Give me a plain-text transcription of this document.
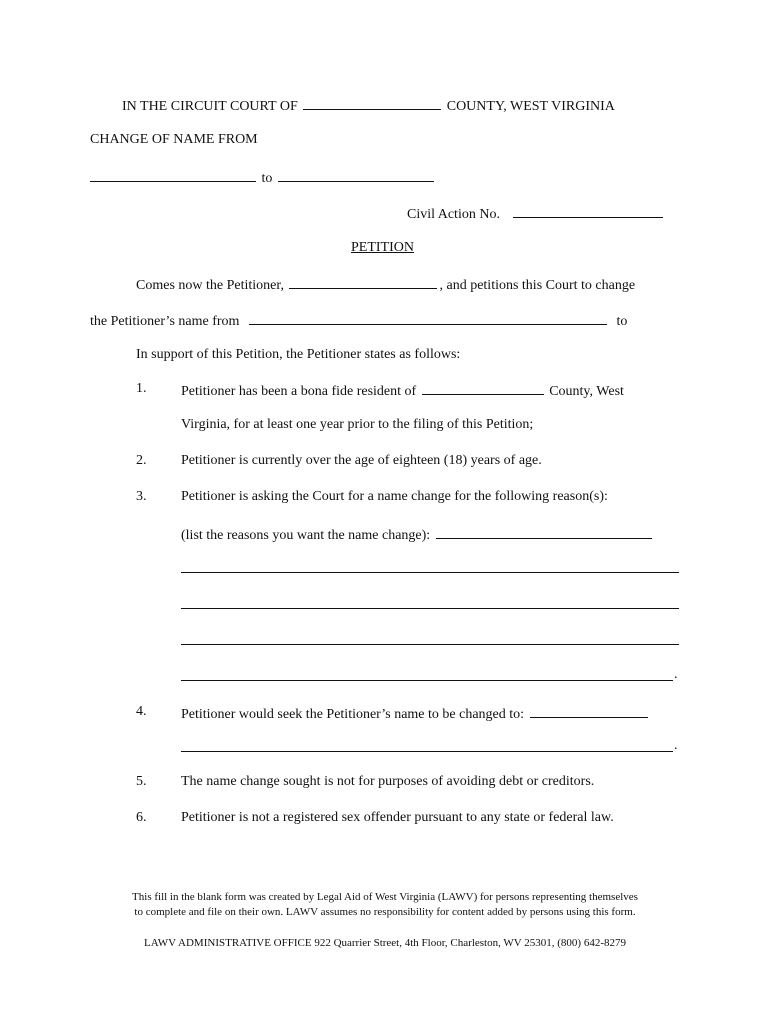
IN THE CIRCUIT COURT OF	COUNTY, WEST VIRGINIA
CHANGE OF NAME FROM
to
Civil Action No.
PETITION
Comes now the Petitioner,	, and petitions this Court to change
the Petitioner’s name from	to
In support of this Petition, the Petitioner states as follows:
1.	Petitioner has been a bona fide resident of	County, West
Virginia, for at least one year prior to the filing of this Petition;
2.	Petitioner is currently over the age of eighteen (18) years of age.
3.	Petitioner is asking the Court for a name change for the following reason(s):
(list the reasons you want the name change):
.
4.	Petitioner would seek the Petitioner’s name to be changed to:
.
5.	The name change sought is not for purposes of avoiding debt or creditors.
6.	Petitioner is not a registered sex offender pursuant to any state or federal law.
This fill in the blank form was created by Legal Aid of West Virginia (LAWV) for persons representing themselves
to complete and file on their own. LAWV assumes no responsibility for content added by persons using this form.
LAWV ADMINISTRATIVE OFFICE 922 Quarrier Street, 4th Floor, Charleston, WV 25301, (800) 642-8279
